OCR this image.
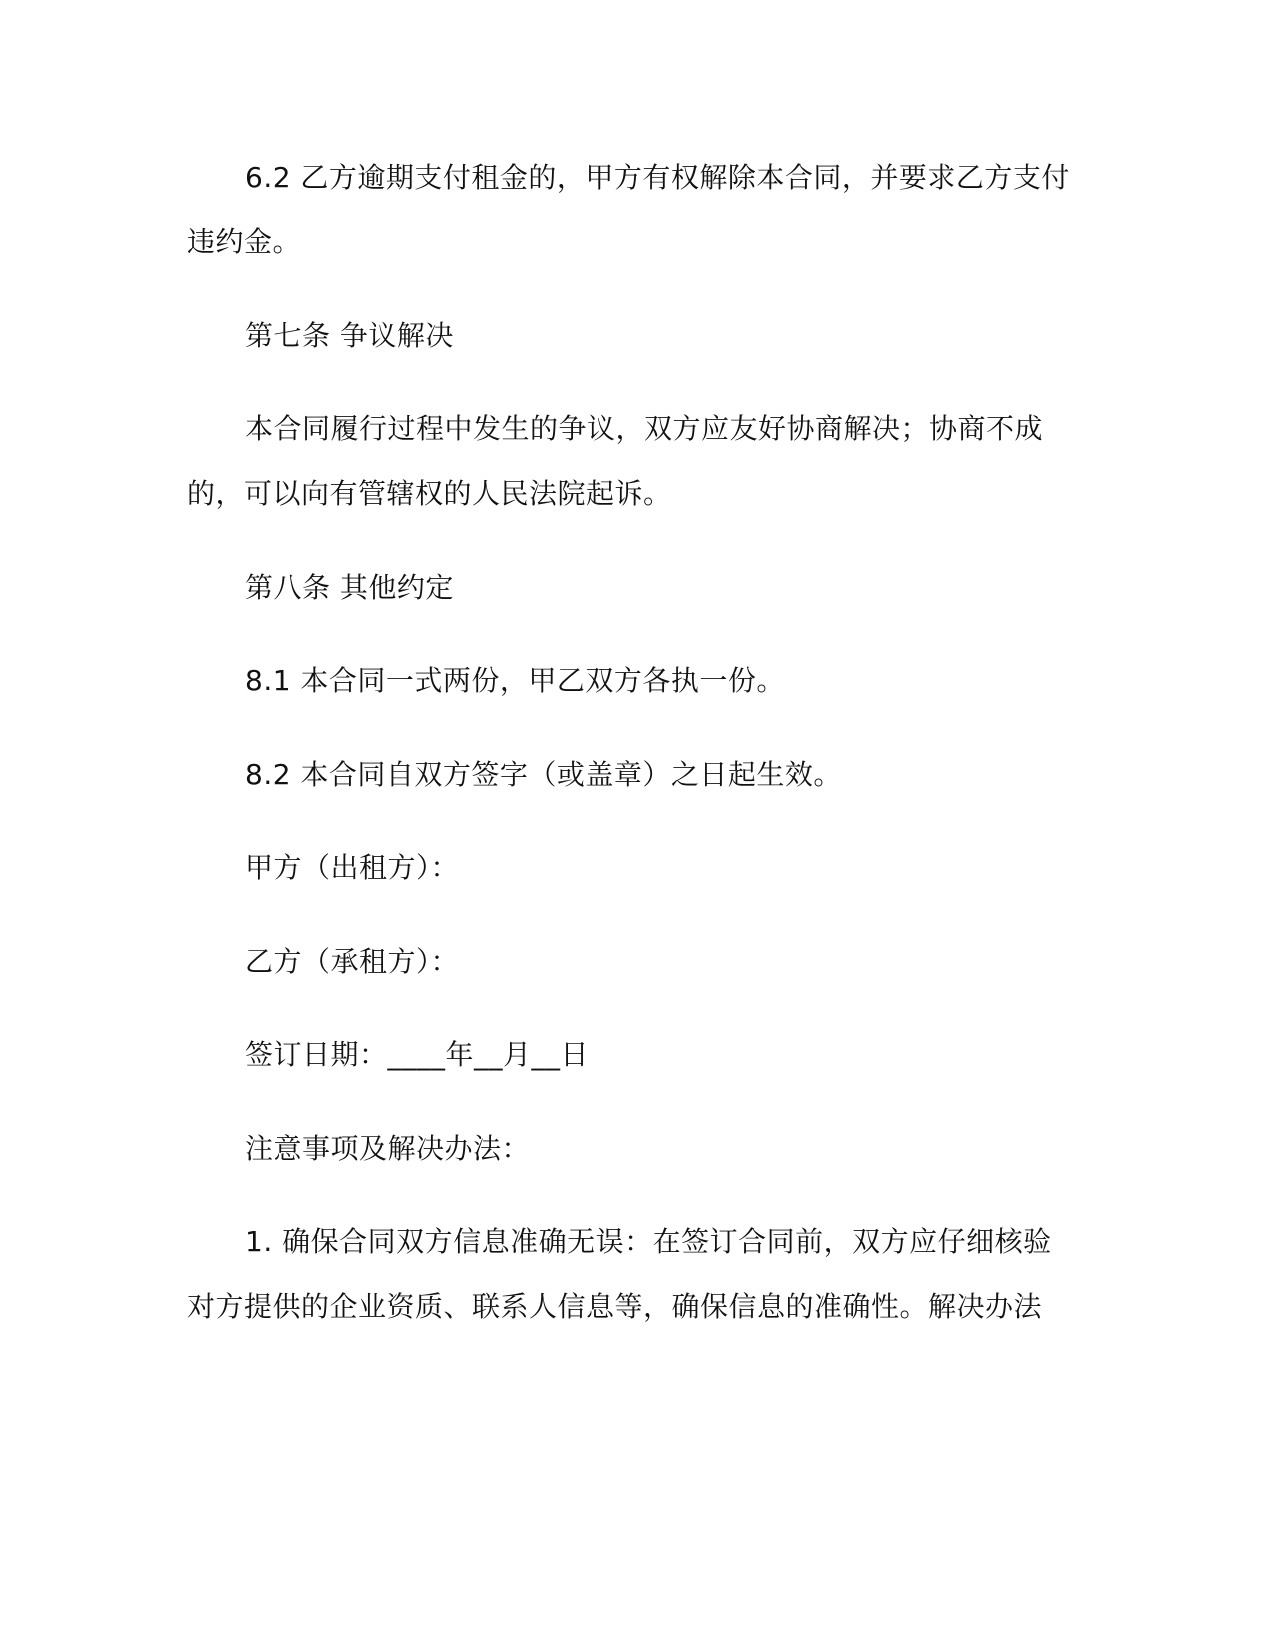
6.2 乙方逾期支付租金的，甲方有权解除本合同，并要求乙方支付

违约金。

第七条 争议解决

本合同履行过程中发生的争议，双方应友好协商解决；协商不成

的，可以向有管辖权的人民法院起诉。

第八条 其他约定

8.1 本合同一式两份，甲乙双方各执一份。

8.2 本合同自双方签字（或盖章）之日起生效。

甲方（出租方）：

乙方（承租方）：

签订日期：____年__月__日

注意事项及解决办法：

1. 确保合同双方信息准确无误：在签订合同前，双方应仔细核验

对方提供的企业资质、联系人信息等，确保信息的准确性。解决办法
